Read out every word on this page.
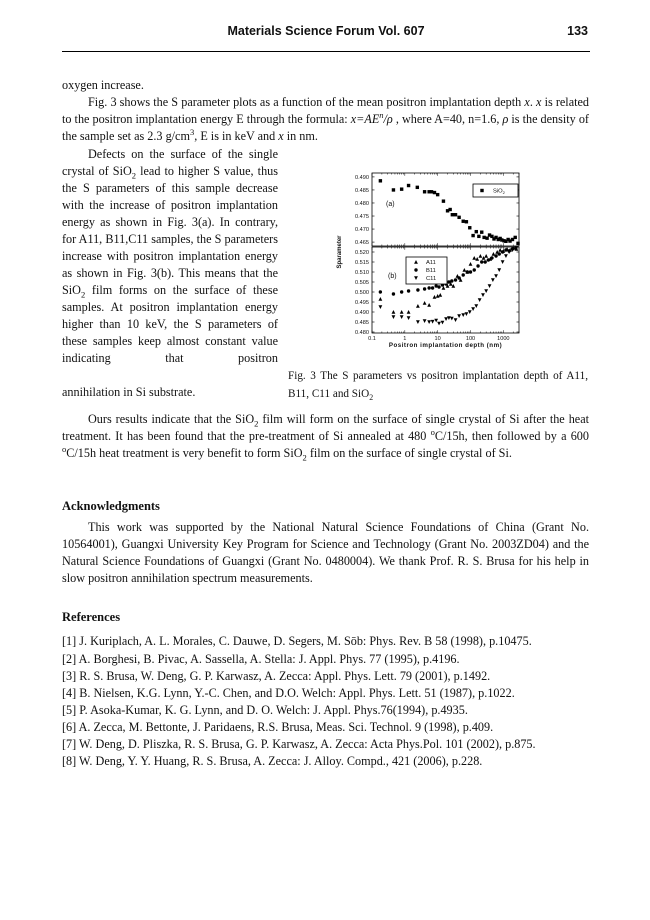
Materials Science Forum Vol. 607	133
oxygen increase.
Fig. 3 shows the S parameter plots as a function of the mean positron implantation depth x. x is related to the positron implantation energy E through the formula: $x=AE^n/\rho$ , where A=40, n=1.6, ρ is the density of the sample set as 2.3 $g/cm^3$, E is in keV and x in nm.
Defects on the surface of the single crystal of SiO$_2$ lead to higher S value, thus the S parameters of this sample decrease with the increase of positron implantation energy as shown in Fig. 3(a). In contrary, for A11, B11,C11 samples, the S parameters increase with positron implantation energy as shown in Fig. 3(b). This means that the SiO$_2$ film forms on the surface of these samples. At positron implantation energy higher than 10 keV, the S parameters of these samples keep almost constant value indicating that positron
annihilation in Si substrate.
0.465
0.470
0.475
0.480
0.485
0.490
(a)
SiO$_2$
0.480
0.485
0.490
0.495
0.500
0.505
0.510
0.515
0.520
(b)
A11
B11
C11
0.1	1	10	100	1000
Positron implantation depth (nm)
Sparameter
Fig. 3 The S parameters vs positron implantation depth of A11, B11, C11 and SiO$_2$
Ours results indicate that the SiO$_2$ film will form on the surface of single crystal of Si after the heat treatment. It has been found that the pre-treatment of Si annealed at 480 $^o$C/15h, then followed by a 600 $^o$C/15h heat treatment is very benefit to form SiO$_2$ film on the surface of single crystal of Si.
Acknowledgments
This work was supported by the National Natural Science Foundations of China (Grant No. 10564001), Guangxi University Key Program for Science and Technology (Grant No. 2003ZD04) and the Natural Science Foundations of Guangxi (Grant No. 0480004). We thank Prof. R. S. Brusa for his help in slow positron annihilation spectrum measurements.
References
[1] J. Kuriplach, A. L. Morales, C. Dauwe, D. Segers, M. Sōb: Phys. Rev. B 58 (1998), p.10475.
[2] A. Borghesi, B. Pivac, A. Sassella, A. Stella: J. Appl. Phys. 77 (1995), p.4196.
[3] R. S. Brusa, W. Deng, G. P. Karwasz, A. Zecca: Appl. Phys. Lett. 79 (2001), p.1492.
[4] B. Nielsen, K.G. Lynn, Y.-C. Chen, and D.O. Welch: Appl. Phys. Lett. 51 (1987), p.1022.
[5] P. Asoka-Kumar, K. G. Lynn, and D. O. Welch: J. Appl. Phys.76(1994), p.4935.
[6] A. Zecca, M. Bettonte, J. Paridaens, R.S. Brusa, Meas. Sci. Technol. 9 (1998), p.409.
[7] W. Deng, D. Pliszka, R. S. Brusa, G. P. Karwasz, A. Zecca: Acta Phys.Pol. 101 (2002), p.875.
[8] W. Deng, Y. Y. Huang, R. S. Brusa, A. Zecca: J. Alloy. Compd., 421 (2006), p.228.
